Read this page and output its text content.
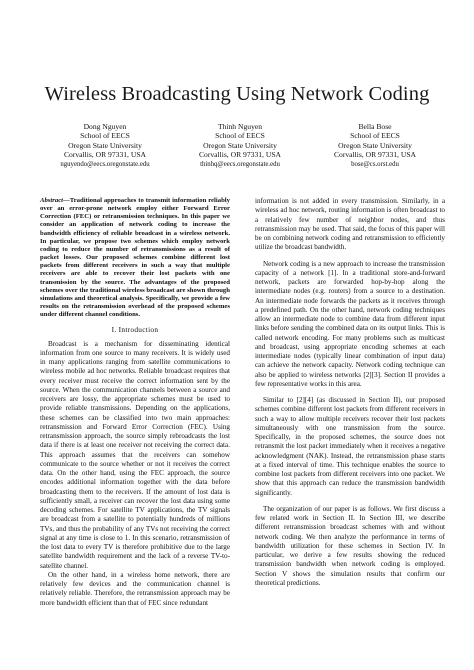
Wireless Broadcasting Using Network Coding
Dong Nguyen
School of EECS
Oregon State University
Corvallis, OR 97331, USA
nguyendo@eecs.oregonstate.edu
Thinh Nguyen
School of EECS
Oregon State University
Corvallis, OR 97331, USA
thinhq@eecs.oregonstate.edu
Bella Bose
School of EECS
Oregon State University
Corvallis, OR 97331, USA
bose@cs.orst.edu
Abstract—Traditional approaches to transmit information reliably over an error-prone network employ either Forward Error Correction (FEC) or retransmission techniques. In this paper we consider an application of network coding to increase the bandwidth efficiency of reliable broadcast in a wireless network. In particular, we propose two schemes which employ network coding to reduce the number of retransmissions as a result of packet losses. Our proposed schemes combine different lost packets from different receivers in such a way that multiple receivers are able to recover their lost packets with one transmission by the source. The advantages of the proposed schemes over the traditional wireless broadcast are shown through simulations and theoretical analysis. Specifically, we provide a few results on the retransmission overhead of the proposed schemes under different channel conditions.
I. Introduction

Broadcast is a mechanism for disseminating identical information from one source to many receivers. It is widely used in many applications ranging from satellite communications to wireless mobile ad hoc networks. Reliable broadcast requires that every receiver must receive the correct information sent by the source. When the communication channels between a source and receivers are lossy, the appropriate schemes must be used to provide reliable transmissions. Depending on the applications, these schemes can be classified into two main approaches: retransmission and Forward Error Correction (FEC). Using retransmission approach, the source simply rebroadcasts the lost data if there is at least one receiver not receiving the correct data. This approach assumes that the receivers can somehow communicate to the source whether or not it receives the correct data. On the other hand, using the FEC approach, the source encodes additional information together with the data before broadcasting them to the receivers. If the amount of lost data is sufficiently small, a receiver can recover the lost data using some decoding schemes. For satellite TV applications, the TV signals are broadcast from a satellite to potentially hundreds of millions TVs, and thus the probability of any TVs not receiving the correct signal at any time is close to 1. In this scenario, retransmission of the lost data to every TV is therefore prohibitive due to the large satellite bandwidth requirement and the lack of a reverse TV-to-satellite channel.

On the other hand, in a wireless home network, there are relatively few devices and the communication channel is relatively reliable. Therefore, the retransmission approach may be more bandwidth efficient than that of FEC since redundant

information is not added in every transmission. Similarly, in a wireless ad hoc network, routing information is often broadcast to a relatively few number of neighbor nodes, and thus retransmission may be used. That said, the focus of this paper will be on combining network coding and retransmission to efficiently utilize the broadcast bandwidth.

Network coding is a new approach to increase the transmission capacity of a network [1]. In a traditional store-and-forward network, packets are forwarded hop-by-hop along the intermediate nodes (e.g. routers) from a source to a destination. An intermediate node forwards the packets as it receives through a predefined path. On the other hand, network coding techniques allow an intermediate node to combine data from different input links before sending the combined data on its output links. This is called network encoding. For many problems such as multicast and broadcast, using appropriate encoding schemes at each intermediate nodes (typically linear combination of input data) can achieve the network capacity. Network coding technique can also be applied to wireless networks [2][3]. Section II provides a few representative works in this area.

Similar to [2][4] (as discussed in Section II), our proposed schemes combine different lost packets from different receivers in such a way to allow multiple receivers recover their lost packets simultaneously with one transmission from the source. Specifically, in the proposed schemes, the source does not retransmit the lost packet immediately when it receives a negative acknowledgment (NAK). Instead, the retransmission phase starts at a fixed interval of time. This technique enables the source to combine lost packets from different receivers into one packet. We show that this approach can reduce the transmission bandwidth significantly.

The organization of our paper is as follows. We first discuss a few related work in Section II. In Section III, we describe different retransmission broadcast schemes with and without network coding. We then analyze the performance in terms of bandwidth utilization for these schemes in Section IV. In particular, we derive a few results showing the reduced transmission bandwidth when network coding is employed. Section V shows the simulation results that confirm our theoretical predictions.
